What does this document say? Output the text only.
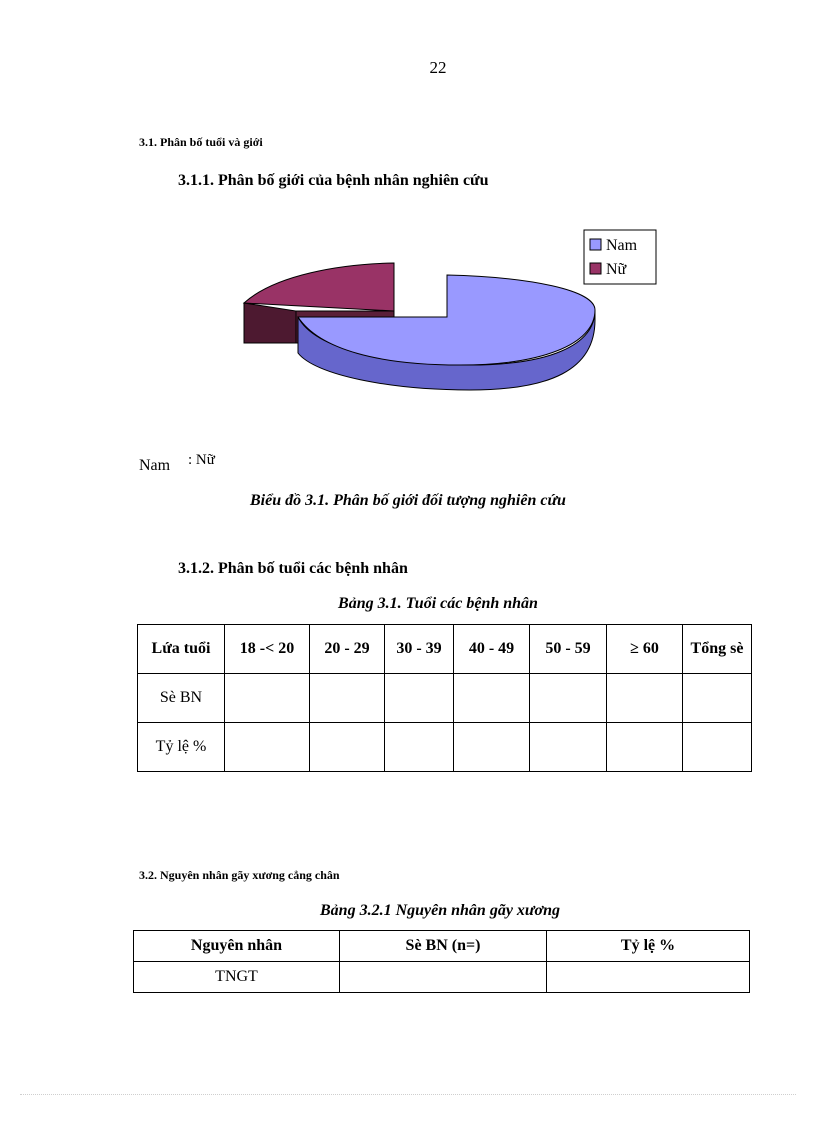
22
3.1. Phân bố tuổi và giới
3.1.1. Phân bố giới của bệnh nhân nghiên cứu
Nam
Nữ
Nam : Nữ
Biểu đồ 3.1. Phân bố giới đối tượng nghiên cứu
3.1.2. Phân bố tuổi các bệnh nhân
Bảng 3.1. Tuổi các bệnh nhân
Lứa tuổi	18 -< 20	20 - 29	30 - 39	40 - 49	50 - 59	≥ 60	Tổng sè
Sè BN							
Tỷ lệ %							
3.2. Nguyên nhân gãy xương cẳng chân
Bảng 3.2.1 Nguyên nhân gãy xương
Nguyên nhân	Sè BN (n=)	Tỷ lệ %
TNGT		
